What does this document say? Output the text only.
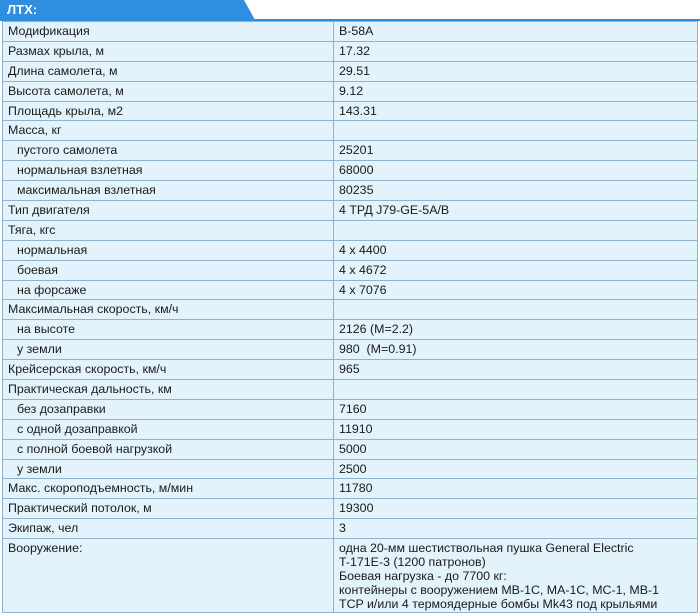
ЛТХ:
Модификация	B-58A
Размах крыла, м	17.32
Длина самолета, м	29.51
Высота самолета, м	9.12
Площадь крыла, м2	143.31
Масса, кг	
пустого самолета	25201
нормальная взлетная	68000
максимальная взлетная	80235
Тип двигателя	4 ТРД J79-GE-5A/B
Тяга, кгс	
нормальная	4 x 4400
боевая	4 x 4672
на форсаже	4 x 7076
Максимальная скорость, км/ч	
на высоте	2126 (M=2.2)
у земли	980  (M=0.91)
Крейсерская скорость, км/ч	965
Практическая дальность, км	
без дозаправки	7160
с одной дозаправкой	11910
с полной боевой нагрузкой	5000
у земли	2500
Макс. скороподъемность, м/мин	11780
Практический потолок, м	19300
Экипаж, чел	3
Вооружение:	одна 20-мм шестиствольная пушка General Electric
T-171E-3 (1200 патронов)
Боевая нагрузка - до 7700 кг:
контейнеры с вооружением MB-1C, MA-1C, MC-1, MB-1
TCP и/или 4 термоядерные бомбы Mk43 под крыльями
